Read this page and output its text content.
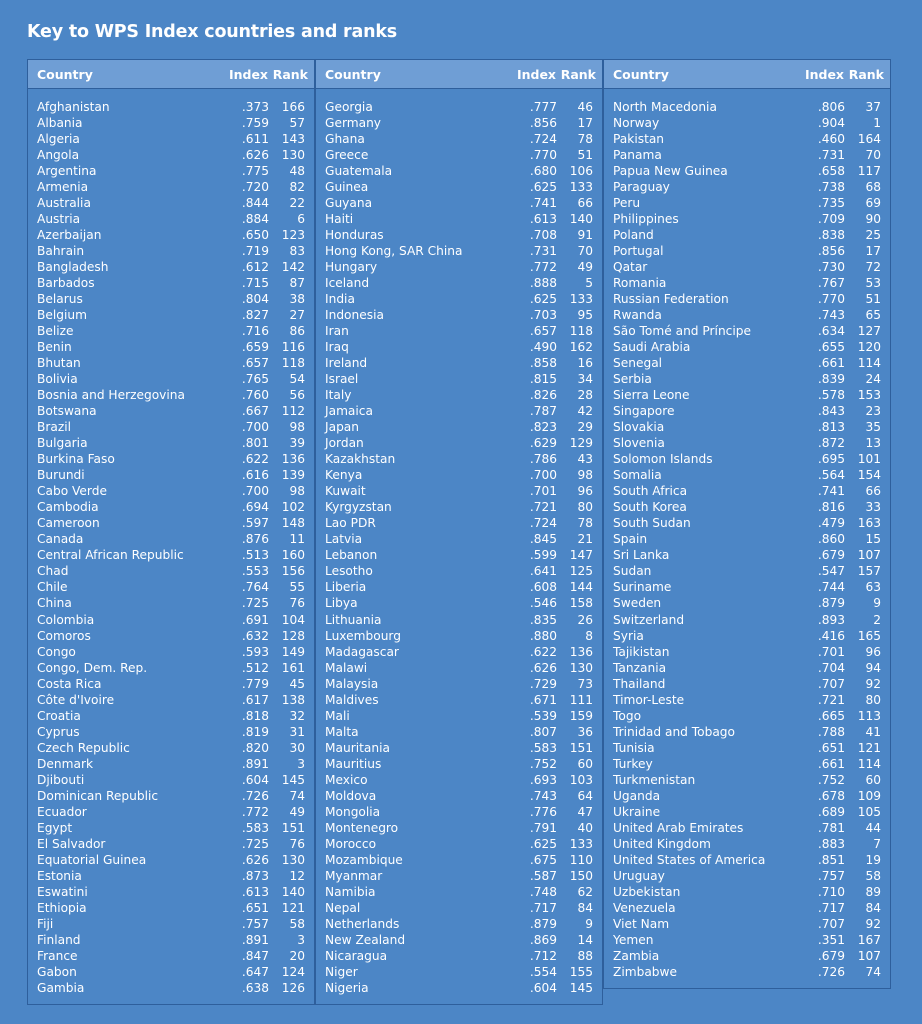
Key to WPS Index countries and ranks
Country	Index Rank
Afghanistan	.373	166
Albania	.759	57
Algeria	.611	143
Angola	.626	130
Argentina	.775	48
Armenia	.720	82
Australia	.844	22
Austria	.884	6
Azerbaijan	.650	123
Bahrain	.719	83
Bangladesh	.612	142
Barbados	.715	87
Belarus	.804	38
Belgium	.827	27
Belize	.716	86
Benin	.659	116
Bhutan	.657	118
Bolivia	.765	54
Bosnia and Herzegovina	.760	56
Botswana	.667	112
Brazil	.700	98
Bulgaria	.801	39
Burkina Faso	.622	136
Burundi	.616	139
Cabo Verde	.700	98
Cambodia	.694	102
Cameroon	.597	148
Canada	.876	11
Central African Republic	.513	160
Chad	.553	156
Chile	.764	55
China	.725	76
Colombia	.691	104
Comoros	.632	128
Congo	.593	149
Congo, Dem. Rep.	.512	161
Costa Rica	.779	45
Côte d'Ivoire	.617	138
Croatia	.818	32
Cyprus	.819	31
Czech Republic	.820	30
Denmark	.891	3
Djibouti	.604	145
Dominican Republic	.726	74
Ecuador	.772	49
Egypt	.583	151
El Salvador	.725	76
Equatorial Guinea	.626	130
Estonia	.873	12
Eswatini	.613	140
Ethiopia	.651	121
Fiji	.757	58
Finland	.891	3
France	.847	20
Gabon	.647	124
Gambia	.638	126
Country	Index Rank
Georgia	.777	46
Germany	.856	17
Ghana	.724	78
Greece	.770	51
Guatemala	.680	106
Guinea	.625	133
Guyana	.741	66
Haiti	.613	140
Honduras	.708	91
Hong Kong, SAR China	.731	70
Hungary	.772	49
Iceland	.888	5
India	.625	133
Indonesia	.703	95
Iran	.657	118
Iraq	.490	162
Ireland	.858	16
Israel	.815	34
Italy	.826	28
Jamaica	.787	42
Japan	.823	29
Jordan	.629	129
Kazakhstan	.786	43
Kenya	.700	98
Kuwait	.701	96
Kyrgyzstan	.721	80
Lao PDR	.724	78
Latvia	.845	21
Lebanon	.599	147
Lesotho	.641	125
Liberia	.608	144
Libya	.546	158
Lithuania	.835	26
Luxembourg	.880	8
Madagascar	.622	136
Malawi	.626	130
Malaysia	.729	73
Maldives	.671	111
Mali	.539	159
Malta	.807	36
Mauritania	.583	151
Mauritius	.752	60
Mexico	.693	103
Moldova	.743	64
Mongolia	.776	47
Montenegro	.791	40
Morocco	.625	133
Mozambique	.675	110
Myanmar	.587	150
Namibia	.748	62
Nepal	.717	84
Netherlands	.879	9
New Zealand	.869	14
Nicaragua	.712	88
Niger	.554	155
Nigeria	.604	145
Country	Index Rank
North Macedonia	.806	37
Norway	.904	1
Pakistan	.460	164
Panama	.731	70
Papua New Guinea	.658	117
Paraguay	.738	68
Peru	.735	69
Philippines	.709	90
Poland	.838	25
Portugal	.856	17
Qatar	.730	72
Romania	.767	53
Russian Federation	.770	51
Rwanda	.743	65
São Tomé and Príncipe	.634	127
Saudi Arabia	.655	120
Senegal	.661	114
Serbia	.839	24
Sierra Leone	.578	153
Singapore	.843	23
Slovakia	.813	35
Slovenia	.872	13
Solomon Islands	.695	101
Somalia	.564	154
South Africa	.741	66
South Korea	.816	33
South Sudan	.479	163
Spain	.860	15
Sri Lanka	.679	107
Sudan	.547	157
Suriname	.744	63
Sweden	.879	9
Switzerland	.893	2
Syria	.416	165
Tajikistan	.701	96
Tanzania	.704	94
Thailand	.707	92
Timor-Leste	.721	80
Togo	.665	113
Trinidad and Tobago	.788	41
Tunisia	.651	121
Turkey	.661	114
Turkmenistan	.752	60
Uganda	.678	109
Ukraine	.689	105
United Arab Emirates	.781	44
United Kingdom	.883	7
United States of America	.851	19
Uruguay	.757	58
Uzbekistan	.710	89
Venezuela	.717	84
Viet Nam	.707	92
Yemen	.351	167
Zambia	.679	107
Zimbabwe	.726	74
